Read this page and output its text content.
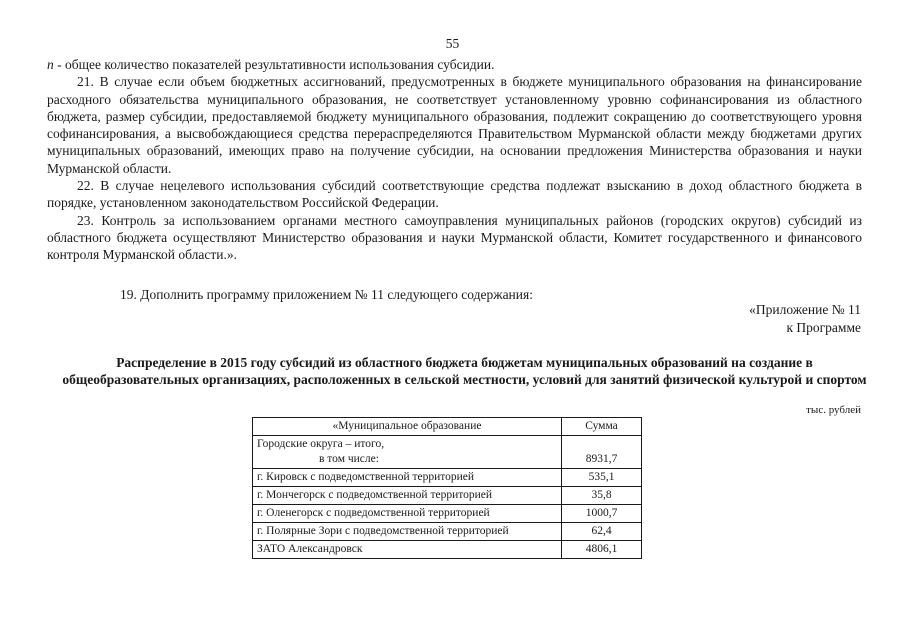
55

n - общее количество показателей результативности использования субсидии.

21. В случае если объем бюджетных ассигнований, предусмотренных в бюджете муниципального образования на финансирование расходного обязательства муниципального образования, не соответствует установленному уровню софинансирования из областного бюджета, размер субсидии, предоставляемой бюджету муниципального образования, подлежит сокращению до соответствующего уровня софинансирования, а высвобождающиеся средства перераспределяются Правительством Мурманской области между бюджетами других муниципальных образований, имеющих право на получение субсидии, на основании предложения Министерства образования и науки Мурманской области.

22. В случае нецелевого использования субсидий соответствующие средства подлежат взысканию в доход областного бюджета в порядке, установленном законодательством Российской Федерации.

23. Контроль за использованием органами местного самоуправления муниципальных районов (городских округов) субсидий из областного бюджета осуществляют Министерство образования и науки Мурманской области, Комитет государственного и финансового контроля Мурманской области.».

19. Дополнить программу приложением № 11 следующего содержания:
«Приложение № 11
к Программе
Распределение в 2015 году субсидий из областного бюджета бюджетам муниципальных образований на создание в общеобразовательных организациях, расположенных в сельской местности, условий для занятий физической культурой и спортом
тыс. рублей
«Муниципальное образование	Сумма
Городские округа – итого,
в том числе:	8931,7
г. Кировск с подведомственной территорией	535,1
г. Мончегорск с подведомственной территорией	35,8
г. Оленегорск с подведомственной территорией	1000,7
г. Полярные Зори с подведомственной территорией	62,4
ЗАТО Александровск	4806,1
